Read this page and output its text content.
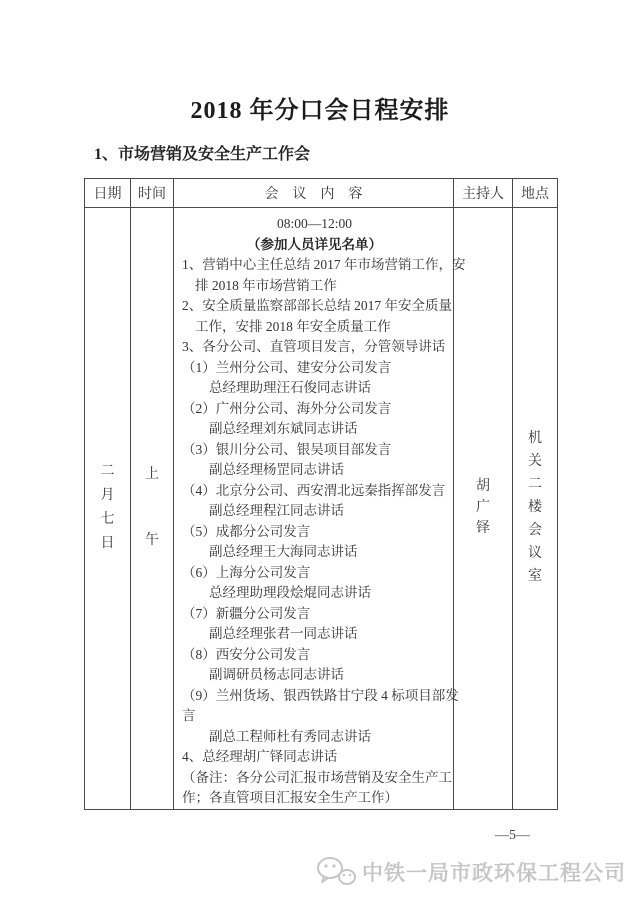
2018 年分口会日程安排
1、市场营销及安全生产工作会
日期	时间	会　议　内　容	主持人	地点

二
月
七
日

上
午

08:00—12:00
（参加人员详见名单）
1、营销中心主任总结 2017 年市场营销工作，安
排 2018 年市场营销工作
2、安全质量监察部部长总结 2017 年安全质量
工作，安排 2018 年安全质量工作
3、各分公司、直管项目发言，分管领导讲话
（1）兰州分公司、建安分公司发言
总经理助理汪石俊同志讲话
（2）广州分公司、海外分公司发言
副总经理刘东斌同志讲话
（3）银川分公司、银吴项目部发言
副总经理杨罡同志讲话
（4）北京分公司、西安渭北远秦指挥部发言
副总经理程江同志讲话
（5）成都分公司发言
副总经理王大海同志讲话
（6）上海分公司发言
总经理助理段烩焜同志讲话
（7）新疆分公司发言
副总经理张君一同志讲话
（8）西安分公司发言
副调研员杨志同志讲话
（9）兰州货场、银西铁路甘宁段 4 标项目部发
言
副总工程师杜有秀同志讲话
4、总经理胡广铎同志讲话
（备注：各分公司汇报市场营销及安全生产工
作；各直管项目汇报安全生产工作）

胡
广
铎

机
关
二
楼
会
议
室
—5—
中铁一局市政环保工程公司
